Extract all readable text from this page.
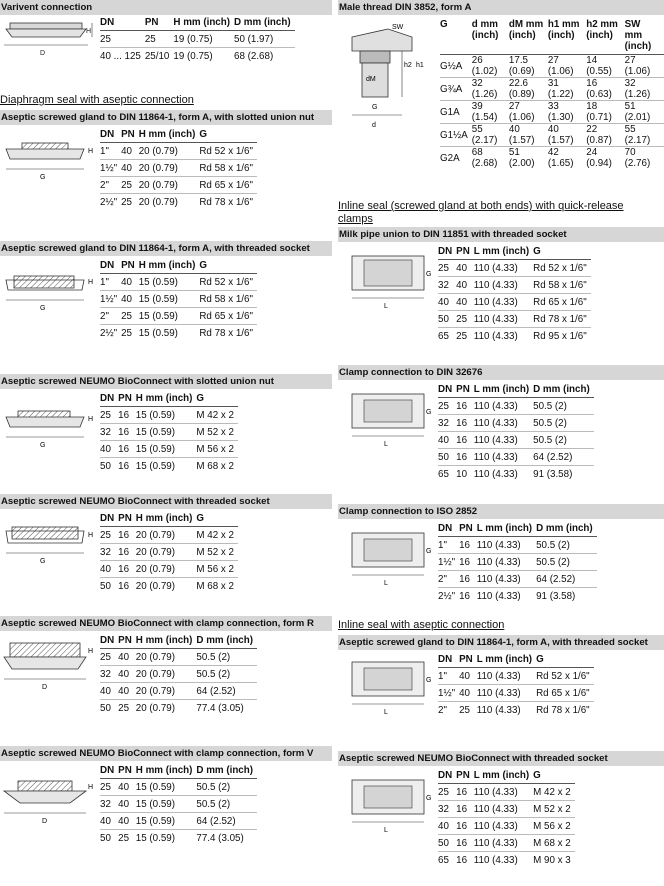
Varivent connection
D
H
DN	PN	H mm (inch)	D mm (inch)
25	25	19 (0.75)	50 (1.97)
40 ... 125	25/10	19 (0.75)	68 (2.68)
Diaphragm seal with aseptic connection
Aseptic screwed gland to DIN 11864-1, form A, with slotted union nut
G
H
DN	PN	H mm (inch)	G
1"	40	20 (0.79)	Rd 52 x 1/6"
1½"	40	20 (0.79)	Rd 58 x 1/6"
2"	25	20 (0.79)	Rd 65 x 1/6"
2½"	25	20 (0.79)	Rd 78 x 1/6"
Aseptic screwed gland to DIN 11864-1, form A, with threaded socket
G
H
DN	PN	H mm (inch)	G
1"	40	15 (0.59)	Rd 52 x 1/6"
1½"	40	15 (0.59)	Rd 58 x 1/6"
2"	25	15 (0.59)	Rd 65 x 1/6"
2½"	25	15 (0.59)	Rd 78 x 1/6"
Aseptic screwed NEUMO BioConnect with slotted union nut
G
H
DN	PN	H mm (inch)	G
25	16	15 (0.59)	M 42 x 2
32	16	15 (0.59)	M 52 x 2
40	16	15 (0.59)	M 56 x 2
50	16	15 (0.59)	M 68 x 2
Aseptic screwed NEUMO BioConnect with threaded socket
G
H
DN	PN	H mm (inch)	G
25	16	20 (0.79)	M 42 x 2
32	16	20 (0.79)	M 52 x 2
40	16	20 (0.79)	M 56 x 2
50	16	20 (0.79)	M 68 x 2
Aseptic screwed NEUMO BioConnect with clamp connection, form R
D
H
DN	PN	H mm (inch)	D mm (inch)
25	40	20 (0.79)	50.5 (2)
32	40	20 (0.79)	50.5 (2)
40	40	20 (0.79)	64 (2.52)
50	25	20 (0.79)	77.4 (3.05)
Aseptic screwed NEUMO BioConnect with clamp connection, form V
D
H
DN	PN	H mm (inch)	D mm (inch)
25	40	15 (0.59)	50.5 (2)
32	40	15 (0.59)	50.5 (2)
40	40	15 (0.59)	64 (2.52)
50	25	15 (0.59)	77.4 (3.05)
Male thread DIN 3852, form A
SW
dM
G
d
h2 h1
G	d mm (inch)	dM mm (inch)	h1 mm (inch)	h2 mm (inch)	SW mm (inch)
G½A	26 (1.02)	17.5 (0.69)	27 (1.06)	14 (0.55)	27 (1.06)
G¾A	32 (1.26)	22.6 (0.89)	31 (1.22)	16 (0.63)	32 (1.26)
G1A	39 (1.54)	27 (1.06)	33 (1.30)	18 (0.71)	51 (2.01)
G1½A	55 (2.17)	40 (1.57)	40 (1.57)	22 (0.87)	55 (2.17)
G2A	68 (2.68)	51 (2.00)	42 (1.65)	24 (0.94)	70 (2.76)
Inline seal (screwed gland at both ends) with quick-release clamps
Milk pipe union to DIN 11851 with threaded socket
L
G
DN	PN	L mm (inch)	G
25	40	110 (4.33)	Rd 52 x 1/6"
32	40	110 (4.33)	Rd 58 x 1/6"
40	40	110 (4.33)	Rd 65 x 1/6"
50	25	110 (4.33)	Rd 78 x 1/6"
65	25	110 (4.33)	Rd 95 x 1/6"
Clamp connection to DIN 32676
L
G
DN	PN	L mm (inch)	D mm (inch)
25	16	110 (4.33)	50.5 (2)
32	16	110 (4.33)	50.5 (2)
40	16	110 (4.33)	50.5 (2)
50	16	110 (4.33)	64 (2.52)
65	10	110 (4.33)	91 (3.58)
Clamp connection to ISO 2852
L
G
DN	PN	L mm (inch)	D mm (inch)
1"	16	110 (4.33)	50.5 (2)
1½"	16	110 (4.33)	50.5 (2)
2"	16	110 (4.33)	64 (2.52)
2½"	16	110 (4.33)	91 (3.58)
Inline seal with aseptic connection
Aseptic screwed gland to DIN 11864-1, form A, with threaded socket
L
G
DN	PN	L mm (inch)	G
1"	40	110 (4.33)	Rd 52 x 1/6"
1½"	40	110 (4.33)	Rd 65 x 1/6"
2"	25	110 (4.33)	Rd 78 x 1/6"
Aseptic screwed NEUMO BioConnect with threaded socket
L
G
DN	PN	L mm (inch)	G
25	16	110 (4.33)	M 42 x 2
32	16	110 (4.33)	M 52 x 2
40	16	110 (4.33)	M 56 x 2
50	16	110 (4.33)	M 68 x 2
65	16	110 (4.33)	M 90 x 3
